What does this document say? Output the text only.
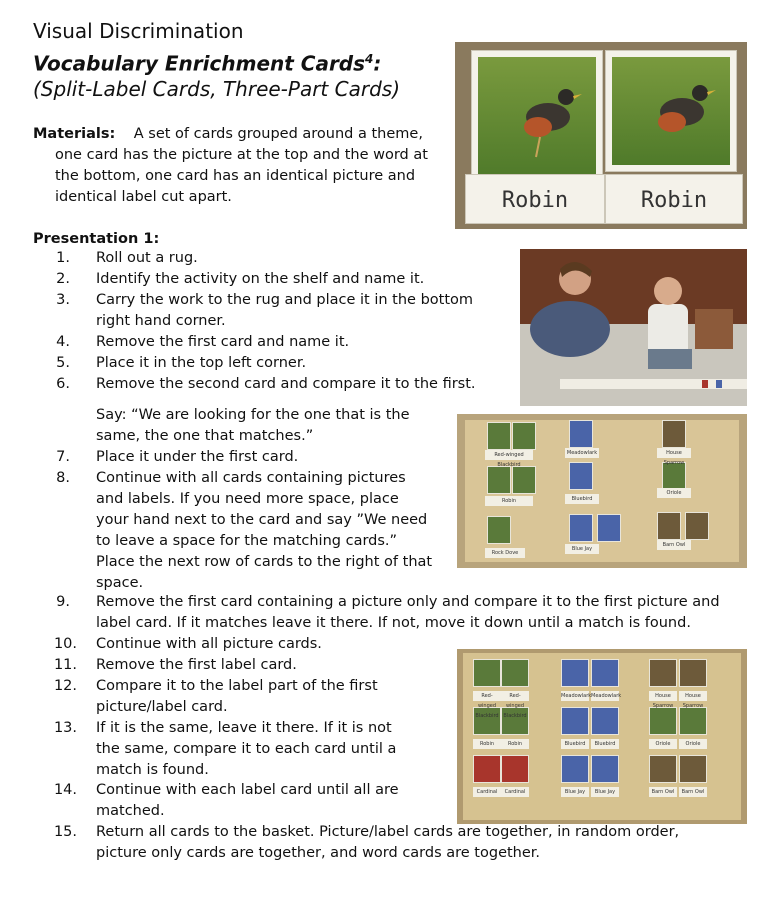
Visual Discrimination
Vocabulary Enrichment Cards$^4$:
(Split-Label Cards, Three-Part Cards)
Materials: A set of cards grouped around a theme,
one card has the picture at the top and the word at
the bottom, one card has an identical picture and
identical label cut apart.
Presentation 1:
1. Roll out a rug.
2. Identify the activity on the shelf and name it.
3. Carry the work to the rug and place it in the bottom
right hand corner.
4. Remove the first card and name it.
5. Place it in the top left corner.
6. Remove the second card and compare it to the first.
7. Place it under the first card.
8. Continue with all cards containing pictures
and labels. If you need more space, place
your hand next to the card and say ”We need
to leave a space for the matching cards.”
Place the next row of cards to the right of that
space.
9. Remove the first card containing a picture only and compare it to the first picture and
label card. If it matches leave it there. If not, move it down until a match is found.
10. Continue with all picture cards.
11. Remove the first label card.
12. Compare it to the label part of the first
picture/label card.
13. If it is the same, leave it there. If it is not
the same, compare it to each card until a
match is found.
14. Continue with each label card until all are
matched.
15. Return all cards to the basket. Picture/label cards are together, in random order,
picture only cards are together, and word cards are together.
Say: “We are looking for the one that is the
same, the one that matches.”
Robin	Robin
Red-winged Blackbird
Meadowlark	House Sparrow
Oriole
Robin	Bluebird
Rock Dove
Blue Jay
Barn Owl
Red-winged Blackbird
Red-winged Blackbird
Meadowlark Meadowlark	House Sparrow
House Sparrow
Robin	Robin	Bluebird	Bluebird	Oriole	Oriole
Cardinal	Cardinal	Blue Jay	Blue Jay	Barn Owl	Barn Owl
